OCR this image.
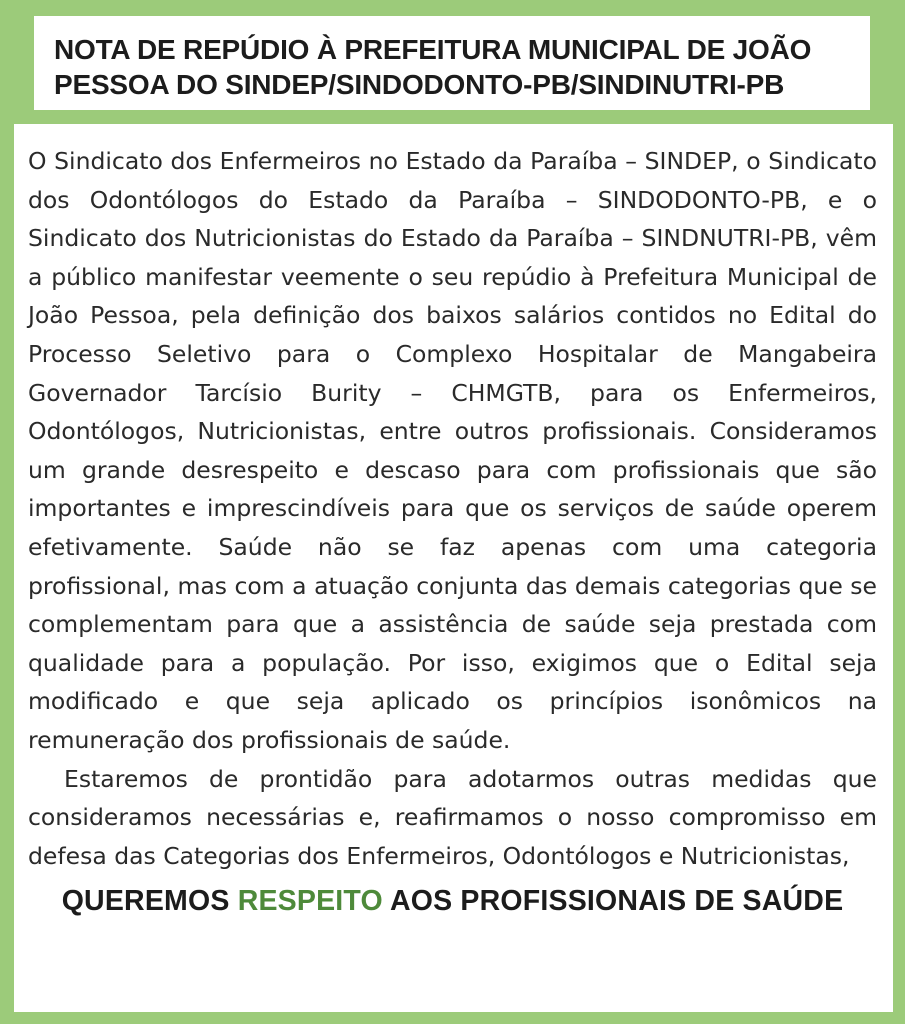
NOTA DE REPÚDIO À PREFEITURA MUNICIPAL DE JOÃO PESSOA DO SINDEP/SINDODONTO-PB/SINDINUTRI-PB

O Sindicato dos Enfermeiros no Estado da Paraíba – SINDEP, o Sindicato dos Odontólogos do Estado da Paraíba – SINDODONTO-PB, e o Sindicato dos Nutricionistas do Estado da Paraíba – SINDNUTRI-PB, vêm a público manifestar veemente o seu repúdio à Prefeitura Municipal de João Pessoa, pela definição dos baixos salários contidos no Edital do Processo Seletivo para o Complexo Hospitalar de Mangabeira Governador Tarcísio Burity – CHMGTB, para os Enfermeiros, Odontólogos, Nutricionistas, entre outros profissionais. Consideramos um grande desrespeito e descaso para com profissionais que são importantes e imprescindíveis para que os serviços de saúde operem efetivamente. Saúde não se faz apenas com uma categoria profissional, mas com a atuação conjunta das demais categorias que se complementam para que a assistência de saúde seja prestada com qualidade para a população. Por isso, exigimos que o Edital seja modificado e que seja aplicado os princípios isonômicos na remuneração dos profissionais de saúde.

Estaremos de prontidão para adotarmos outras medidas que consideramos necessárias e, reafirmamos o nosso compromisso em defesa das Categorias dos Enfermeiros, Odontólogos e Nutricionistas,

QUEREMOS RESPEITO AOS PROFISSIONAIS DE SAÚDE
